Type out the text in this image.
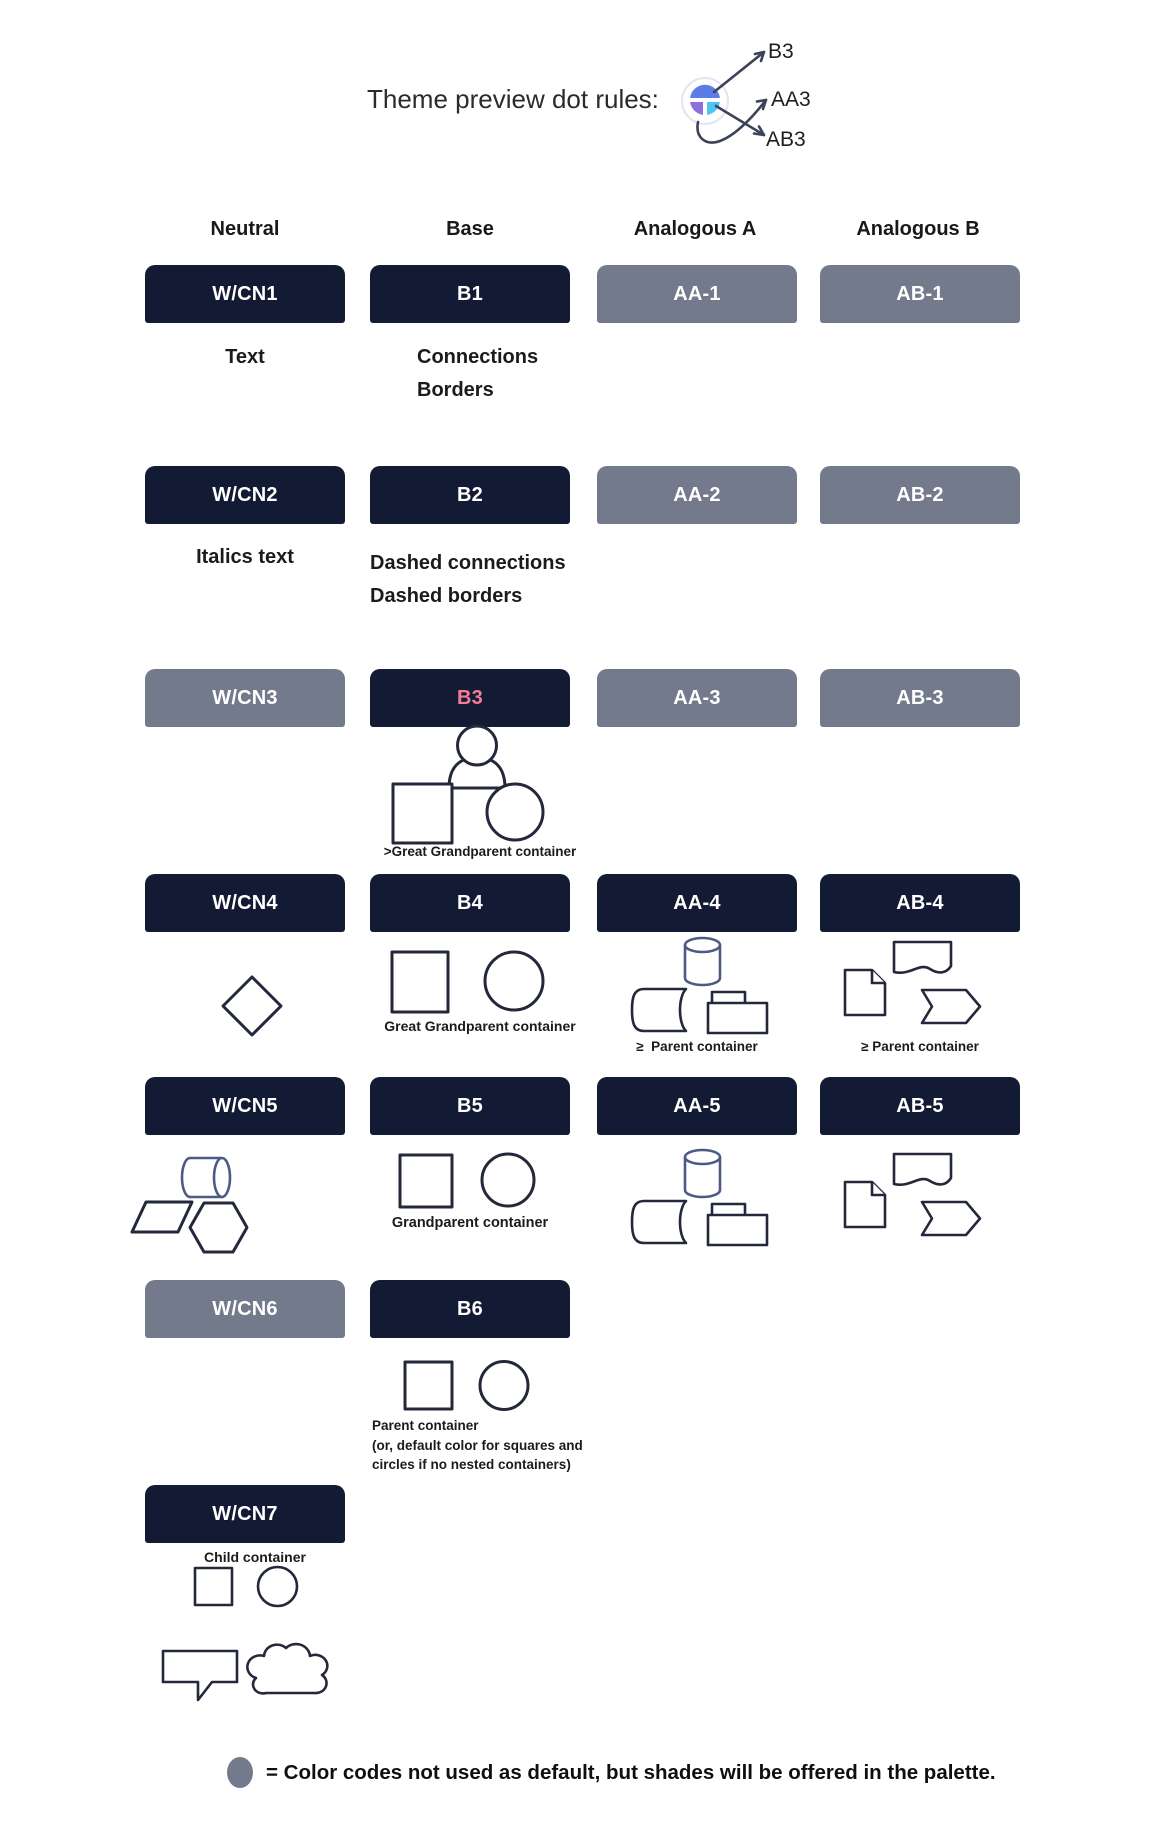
Theme preview dot rules:
B3
AA3
AB3
Neutral	Base	Analogous A	Analogous B
W/CN1	B1	AA-1	AB-1
Text	Connections
Borders
W/CN2	B2	AA-2	AB-2
Italics text	Dashed connections
Dashed borders
W/CN3	B3	AA-3	AB-3
>Great Grandparent container
W/CN4	B4	AA-4	AB-4
Great Grandparent container
≥  Parent container	≥ Parent container
W/CN5	B5	AA-5	AB-5
Grandparent container
W/CN6	B6
Parent container
(or, default color for squares and
circles if no nested containers)
W/CN7
Child container
= Color codes not used as default, but shades will be offered in the palette.
